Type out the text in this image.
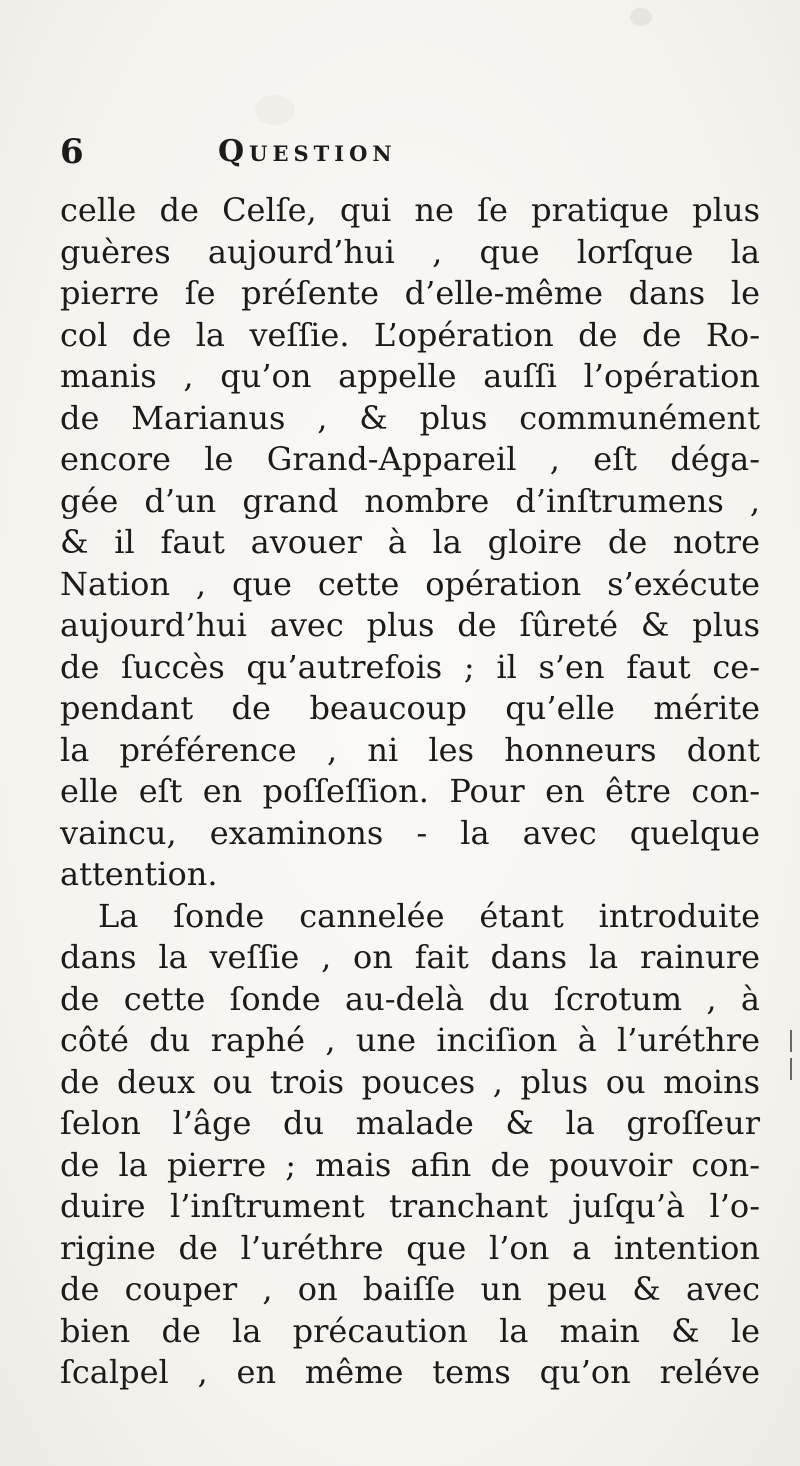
6	Question
celle de Celſe, qui ne ſe pratique plus
guères aujourd’hui , que lorſque la
pierre ſe préſente d’elle-même dans le
col de la veſſie. L’opération de de Ro-
manis , qu’on appelle auſſi l’opération
de Marianus , & plus communément
encore le Grand-Appareil , eſt déga-
gée d’un grand nombre d’inſtrumens ,
& il faut avouer à la gloire de notre
Nation , que cette opération s’exécute
aujourd’hui avec plus de ſûreté & plus
de ſuccès qu’autrefois ; il s’en faut ce-
pendant de beaucoup qu’elle mérite
la préférence , ni les honneurs dont
elle eſt en poſſeſſion. Pour en être con-
vaincu, examinons - la avec quelque
attention.
La ſonde cannelée étant introduite
dans la veſſie , on fait dans la rainure
de cette ſonde au-delà du ſcrotum , à
côté du raphé , une inciſion à l’uréthre
de deux ou trois pouces , plus ou moins
ſelon l’âge du malade & la groſſeur
de la pierre ; mais afin de pouvoir con-
duire l’inſtrument tranchant juſqu’à l’o-
rigine de l’uréthre que l’on a intention
de couper , on baiſſe un peu & avec
bien de la précaution la main & le
ſcalpel , en même tems qu’on reléve
